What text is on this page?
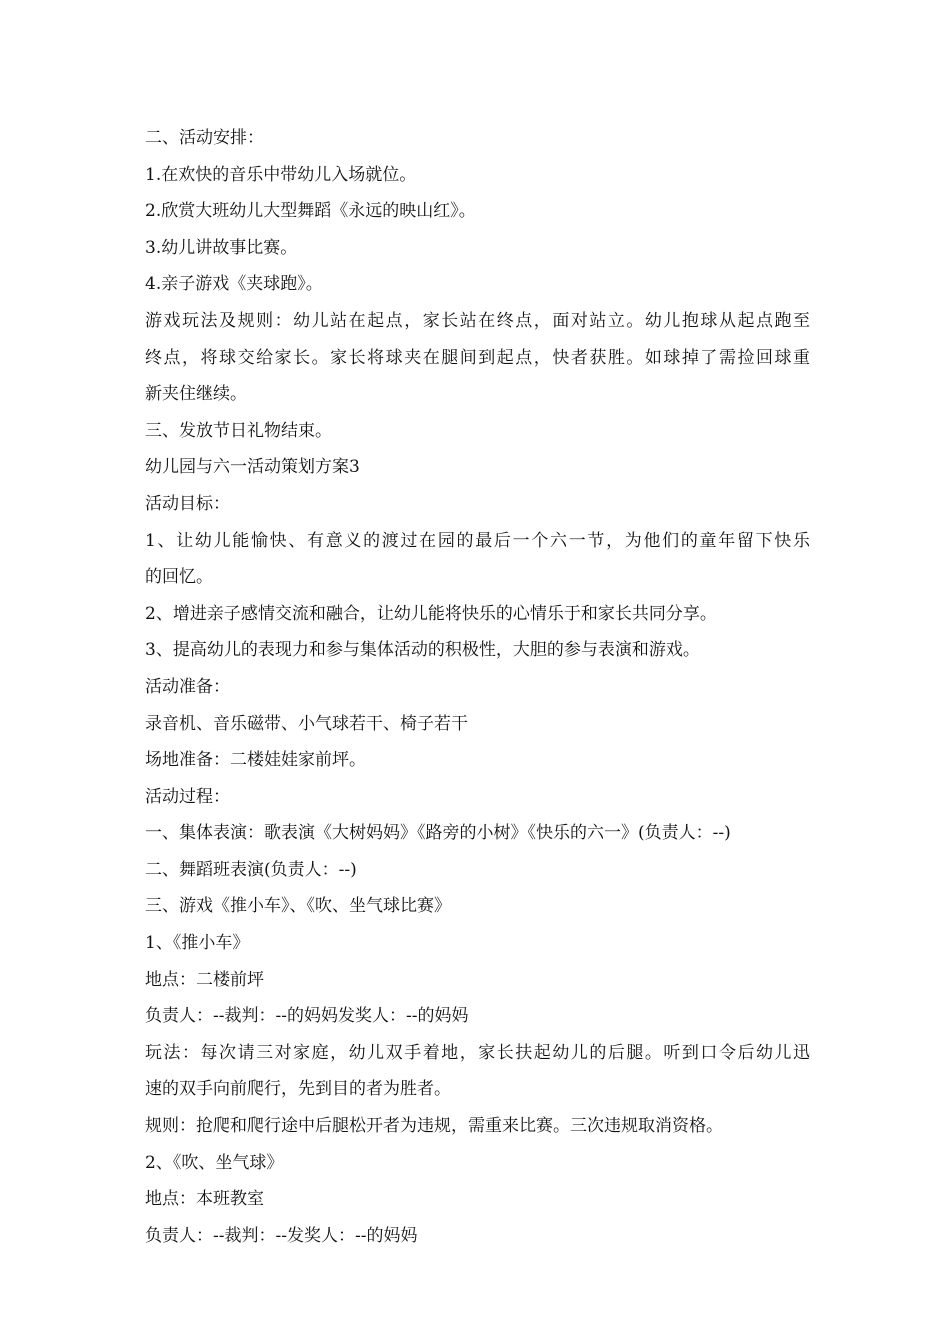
二、活动安排：
1.在欢快的音乐中带幼儿入场就位。
2.欣赏大班幼儿大型舞蹈《永远的映山红》。
3.幼儿讲故事比赛。
4.亲子游戏《夹球跑》。
游戏玩法及规则：幼儿站在起点，家长站在终点，面对站立。幼儿抱球从起点跑至
终点，将球交给家长。家长将球夹在腿间到起点，快者获胜。如球掉了需捡回球重
新夹住继续。
三、发放节日礼物结束。
幼儿园与六一活动策划方案3
活动目标：
1、让幼儿能愉快、有意义的渡过在园的最后一个六一节，为他们的童年留下快乐
的回忆。
2、增进亲子感情交流和融合，让幼儿能将快乐的心情乐于和家长共同分享。
3、提高幼儿的表现力和参与集体活动的积极性，大胆的参与表演和游戏。
活动准备：
录音机、音乐磁带、小气球若干、椅子若干
场地准备：二楼娃娃家前坪。
活动过程：
一、集体表演：歌表演《大树妈妈》《路旁的小树》《快乐的六一》(负责人：--)
二、舞蹈班表演(负责人：--)
三、游戏《推小车》、《吹、坐气球比赛》
1、《推小车》
地点：二楼前坪
负责人：--裁判：--的妈妈发奖人：--的妈妈
玩法：每次请三对家庭，幼儿双手着地，家长扶起幼儿的后腿。听到口令后幼儿迅
速的双手向前爬行，先到目的者为胜者。
规则：抢爬和爬行途中后腿松开者为违规，需重来比赛。三次违规取消资格。
2、《吹、坐气球》
地点：本班教室
负责人：--裁判：--发奖人：--的妈妈
